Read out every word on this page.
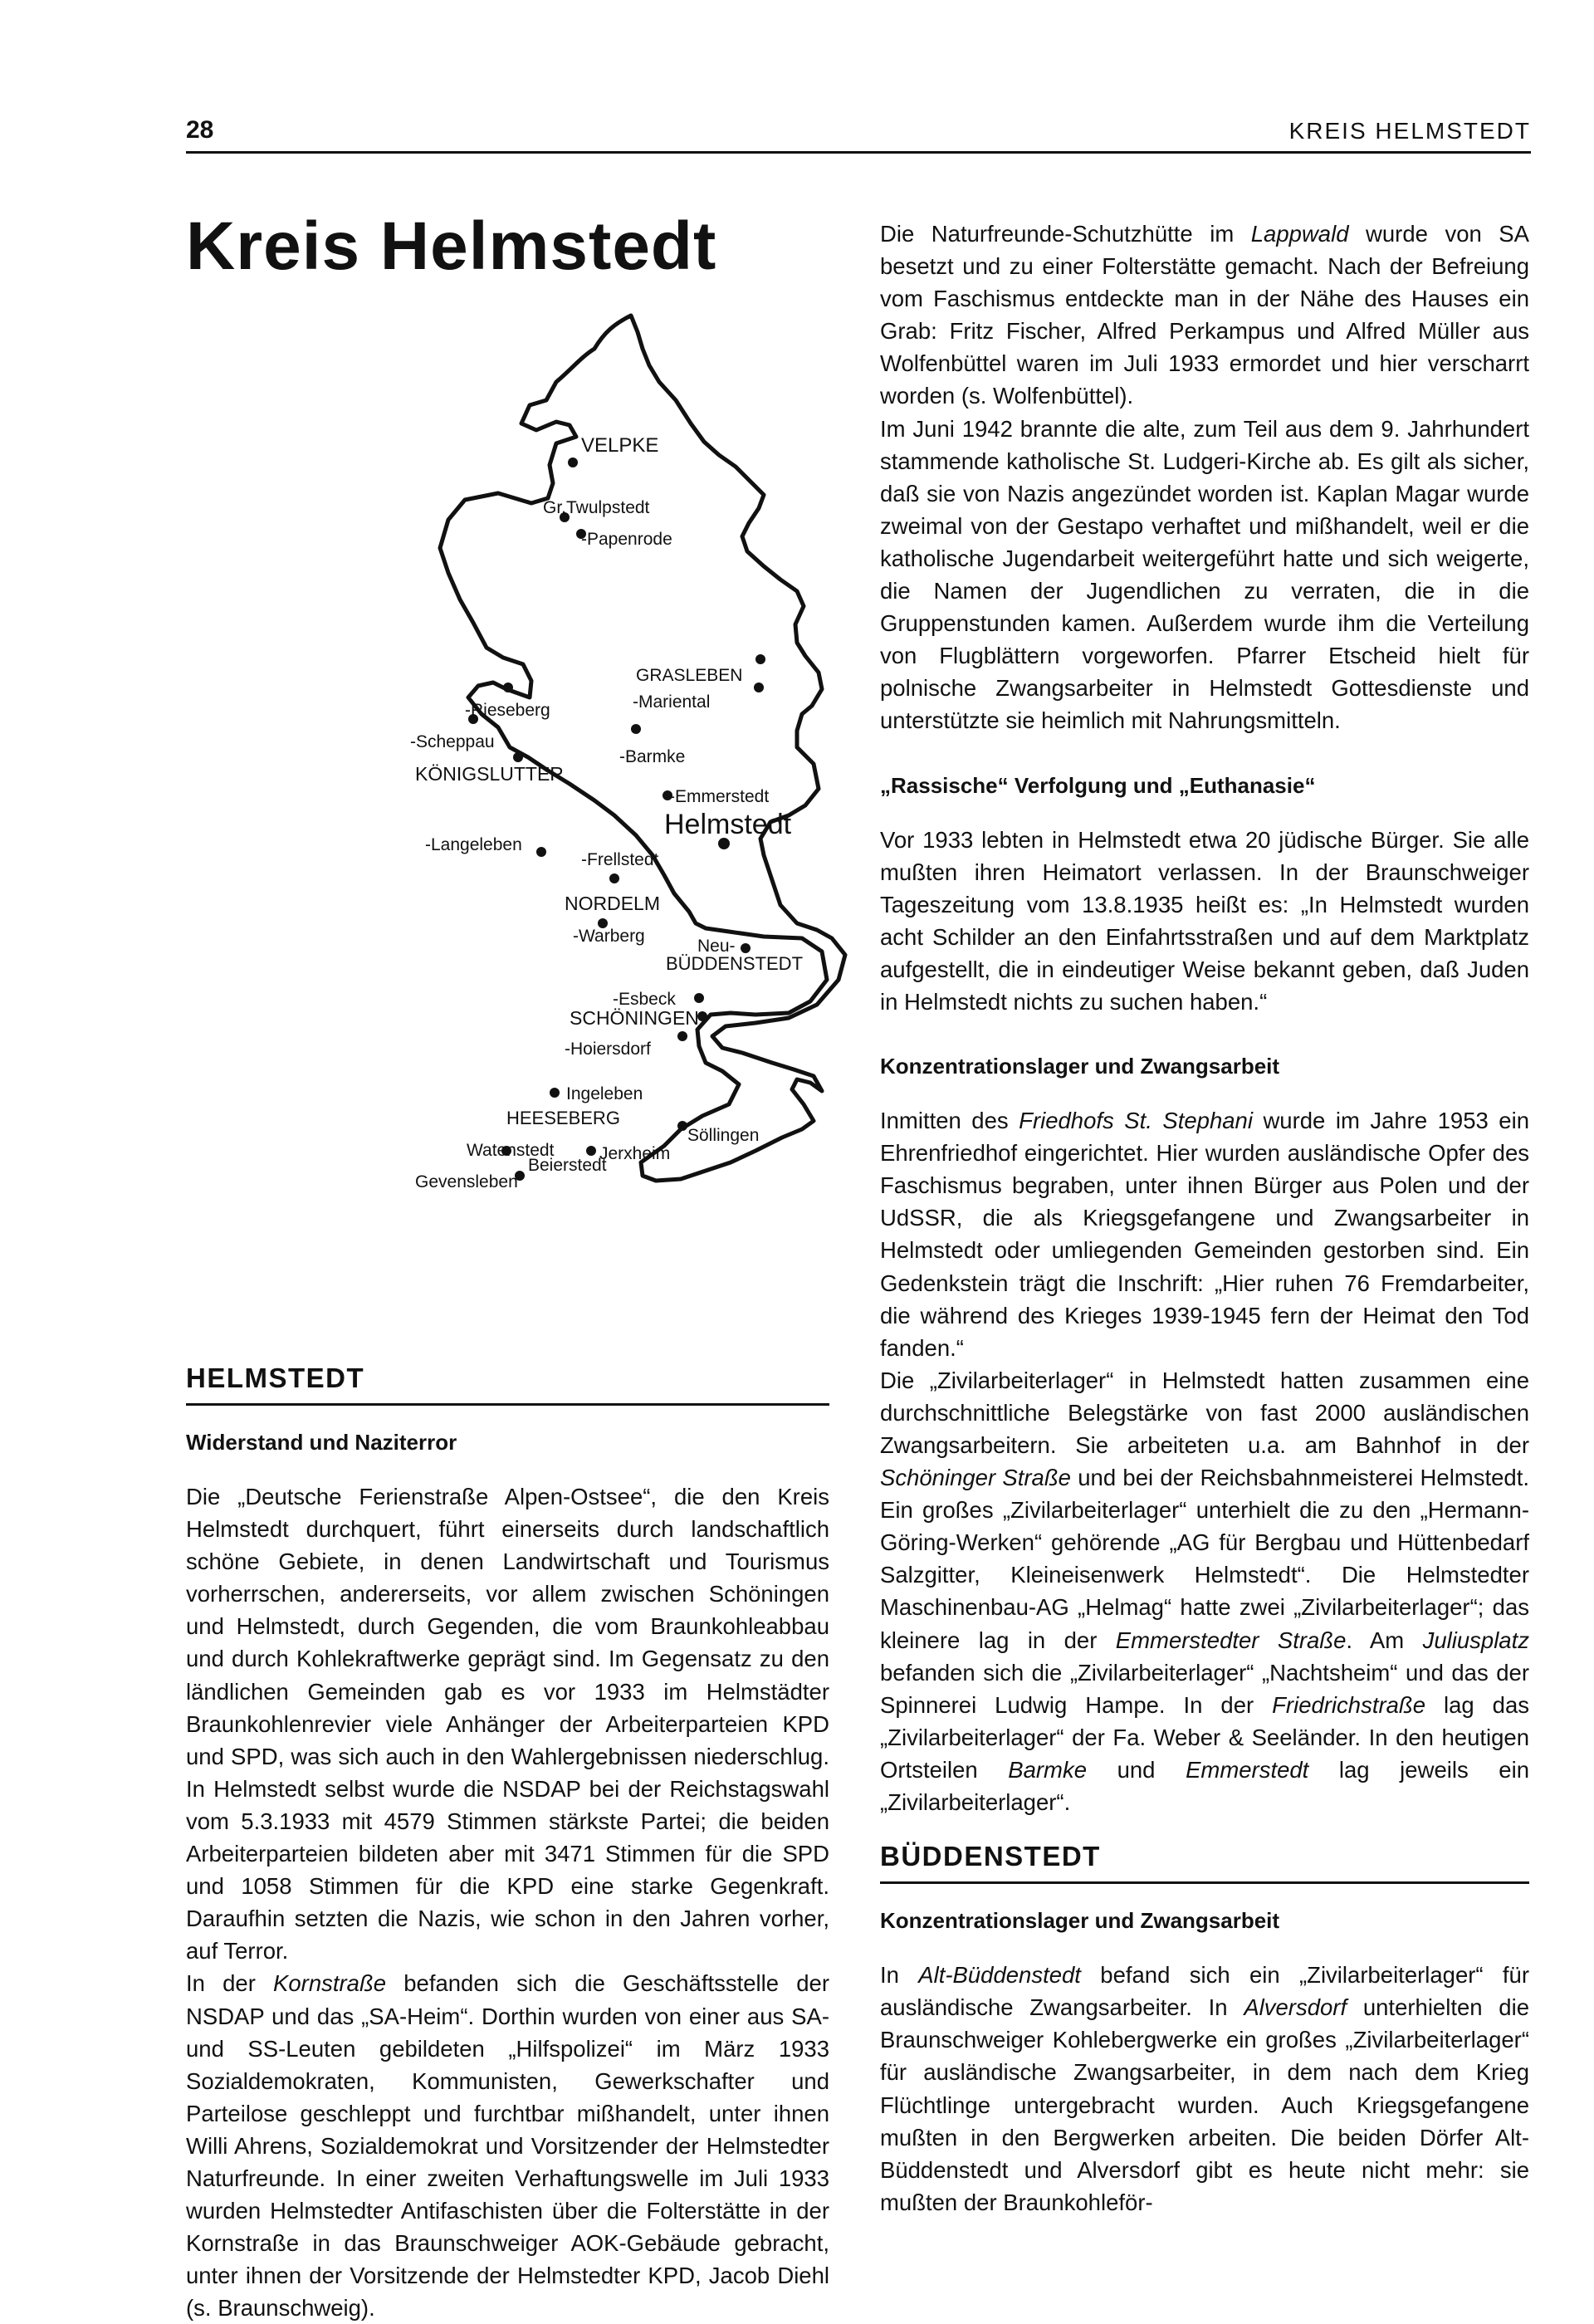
28	KREIS HELMSTEDT
Kreis Helmstedt
VELPKE
Gr.Twulpstedt
-Papenrode
GRASLEBEN
-Mariental
-Rieseberg
-Scheppau
KÖNIGSLUTTER
-Barmke
-Emmerstedt
Helmstedt
-Langeleben
-Frellstedt
NORDELM
-Warberg
Neu-
BÜDDENSTEDT
-Esbeck
SCHÖNINGEN
-Hoiersdorf
Ingeleben
HEESEBERG
Söllingen
Watenstedt	Jerxheim
Beierstedt
Gevensleben
HELMSTEDT
Widerstand und Naziterror

Die „Deutsche Ferienstraße Alpen-Ostsee“, die den Kreis Helmstedt durchquert, führt einerseits durch landschaftlich schöne Gebiete, in denen Landwirtschaft und Tourismus vorherrschen, andererseits, vor allem zwischen Schöningen und Helmstedt, durch Gegenden, die vom Braunkohleabbau und durch Kohlekraftwerke geprägt sind. Im Gegensatz zu den ländlichen Gemeinden gab es vor 1933 im Helmstädter Braunkohlenrevier viele Anhänger der Arbeiterparteien KPD und SPD, was sich auch in den Wahlergebnissen niederschlug. In Helmstedt selbst wurde die NSDAP bei der Reichstagswahl vom 5.3.1933 mit 4579 Stimmen stärkste Partei; die beiden Arbeiterparteien bildeten aber mit 3471 Stimmen für die SPD und 1058 Stimmen für die KPD eine starke Gegenkraft. Daraufhin setzten die Nazis, wie schon in den Jahren vorher, auf Terror.

In der Kornstraße befanden sich die Geschäftsstelle der NSDAP und das „SA-Heim“. Dorthin wurden von einer aus SA- und SS-Leuten gebildeten „Hilfspolizei“ im März 1933 Sozialdemokraten, Kommunisten, Gewerkschafter und Parteilose geschleppt und furchtbar mißhandelt, unter ihnen Willi Ahrens, Sozialdemokrat und Vorsitzender der Helmstedter Naturfreunde. In einer zweiten Verhaftungswelle im Juli 1933 wurden Helmstedter Antifaschisten über die Folterstätte in der Kornstraße in das Braunschweiger AOK-Gebäude gebracht, unter ihnen der Vorsitzende der Helmstedter KPD, Jacob Diehl (s. Braunschweig).

Die Naturfreunde-Schutzhütte im Lappwald wurde von SA besetzt und zu einer Folterstätte gemacht. Nach der Befreiung vom Faschismus entdeckte man in der Nähe des Hauses ein Grab: Fritz Fischer, Alfred Perkampus und Alfred Müller aus Wolfenbüttel waren im Juli 1933 ermordet und hier verscharrt worden (s. Wolfenbüttel).

Im Juni 1942 brannte die alte, zum Teil aus dem 9. Jahrhundert stammende katholische St. Ludgeri-Kirche ab. Es gilt als sicher, daß sie von Nazis angezündet worden ist. Kaplan Magar wurde zweimal von der Gestapo verhaftet und mißhandelt, weil er die katholische Jugendarbeit weitergeführt hatte und sich weigerte, die Namen der Jugendlichen zu verraten, die in die Gruppenstunden kamen. Außerdem wurde ihm die Verteilung von Flugblättern vorgeworfen. Pfarrer Etscheid hielt für polnische Zwangsarbeiter in Helmstedt Gottesdienste und unterstützte sie heimlich mit Nahrungsmitteln.

„Rassische“ Verfolgung und „Euthanasie“

Vor 1933 lebten in Helmstedt etwa 20 jüdische Bürger. Sie alle mußten ihren Heimatort verlassen. In der Braunschweiger Tageszeitung vom 13.8.1935 heißt es: „In Helmstedt wurden acht Schilder an den Einfahrtsstraßen und auf dem Marktplatz aufgestellt, die in eindeutiger Weise bekannt geben, daß Juden in Helmstedt nichts zu suchen haben.“

Konzentrationslager und Zwangsarbeit

Inmitten des Friedhofs St. Stephani wurde im Jahre 1953 ein Ehrenfriedhof eingerichtet. Hier wurden ausländische Opfer des Faschismus begraben, unter ihnen Bürger aus Polen und der UdSSR, die als Kriegsgefangene und Zwangsarbeiter in Helmstedt oder umliegenden Gemeinden gestorben sind. Ein Gedenkstein trägt die Inschrift: „Hier ruhen 76 Fremdarbeiter, die während des Krieges 1939-1945 fern der Heimat den Tod fanden.“

Die „Zivilarbeiterlager“ in Helmstedt hatten zusammen eine durchschnittliche Belegstärke von fast 2000 ausländischen Zwangsarbeitern. Sie arbeiteten u.a. am Bahnhof in der Schöninger Straße und bei der Reichsbahnmeisterei Helmstedt. Ein großes „Zivilarbeiterlager“ unterhielt die zu den „Hermann-Göring-Werken“ gehörende „AG für Bergbau und Hüttenbedarf Salzgitter, Kleineisenwerk Helmstedt“. Die Helmstedter Maschinenbau-AG „Helmag“ hatte zwei „Zivilarbeiterlager“; das kleinere lag in der Emmerstedter Straße. Am Juliusplatz befanden sich die „Zivilarbeiterlager“ „Nachtsheim“ und das der Spinnerei Ludwig Hampe. In der Friedrichstraße lag das „Zivilarbeiterlager“ der Fa. Weber & Seeländer. In den heutigen Ortsteilen Barmke und Emmerstedt lag jeweils ein „Zivilarbeiterlager“.

BÜDDENSTEDT
Konzentrationslager und Zwangsarbeit

In Alt-Büddenstedt befand sich ein „Zivilarbeiterlager“ für ausländische Zwangsarbeiter. In Alversdorf unterhielten die Braunschweiger Kohlebergwerke ein großes „Zivilarbeiterlager“ für ausländische Zwangsarbeiter, in dem nach dem Krieg Flüchtlinge untergebracht wurden. Auch Kriegsgefangene mußten in den Bergwerken arbeiten. Die beiden Dörfer Alt-Büddenstedt und Alversdorf gibt es heute nicht mehr: sie mußten der Braunkohleför-
